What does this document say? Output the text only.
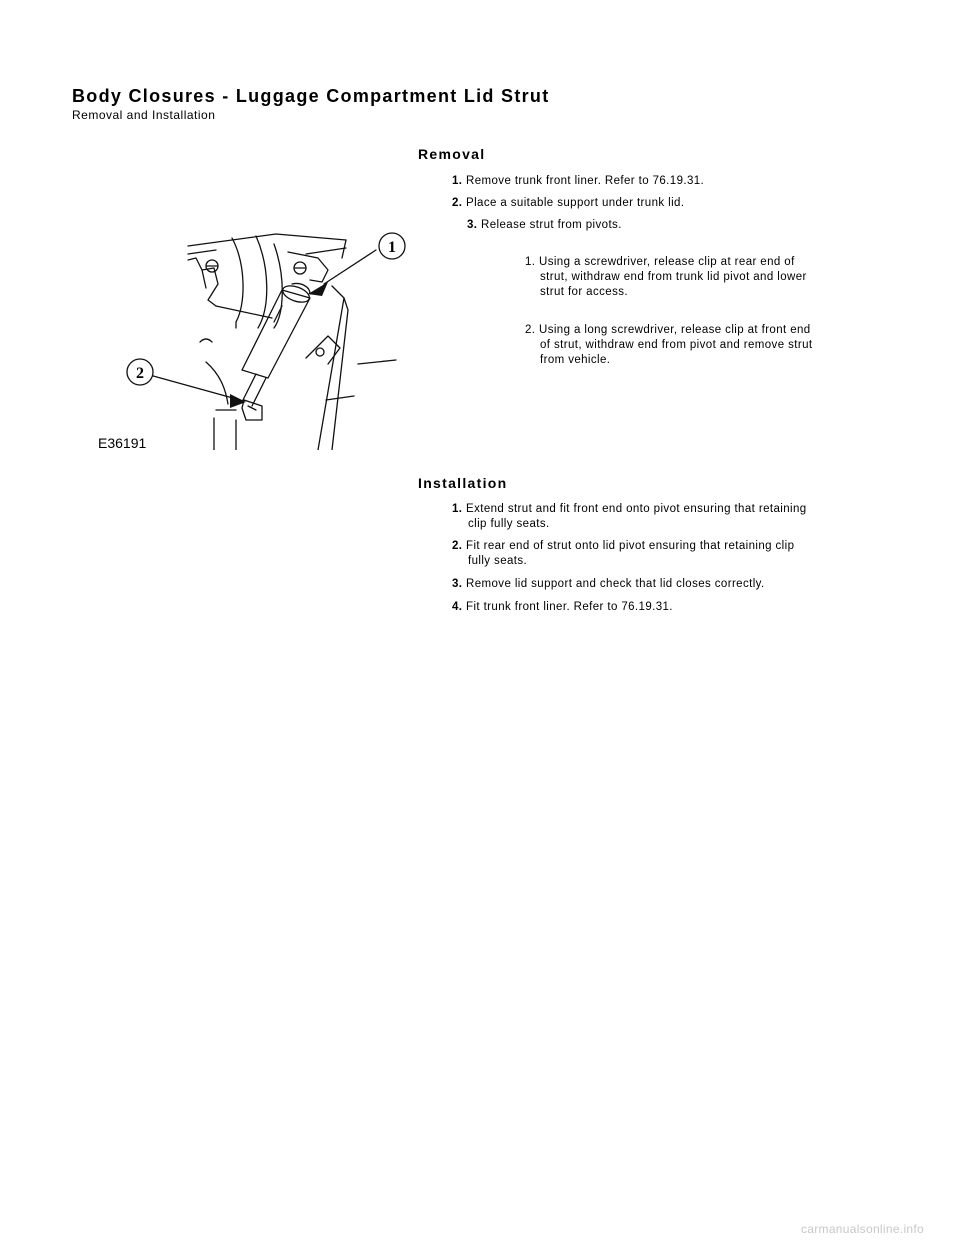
Body Closures - Luggage Compartment Lid Strut
Removal and Installation
Removal
1. Remove trunk front liner. Refer to 76.19.31.
2. Place a suitable support under trunk lid.
3. Release strut from pivots.
1. Using a screwdriver, release clip at rear end of
strut, withdraw end from trunk lid pivot and lower
strut for access.
2. Using a long screwdriver, release clip at front end
of strut, withdraw end from pivot and remove strut
from vehicle.
1
2
E36191
Installation
1. Extend strut and fit front end onto pivot ensuring that retaining
clip fully seats.
2. Fit rear end of strut onto lid pivot ensuring that retaining clip
fully seats.
3. Remove lid support and check that lid closes correctly.
4. Fit trunk front liner. Refer to 76.19.31.
carmanualsonline.info
